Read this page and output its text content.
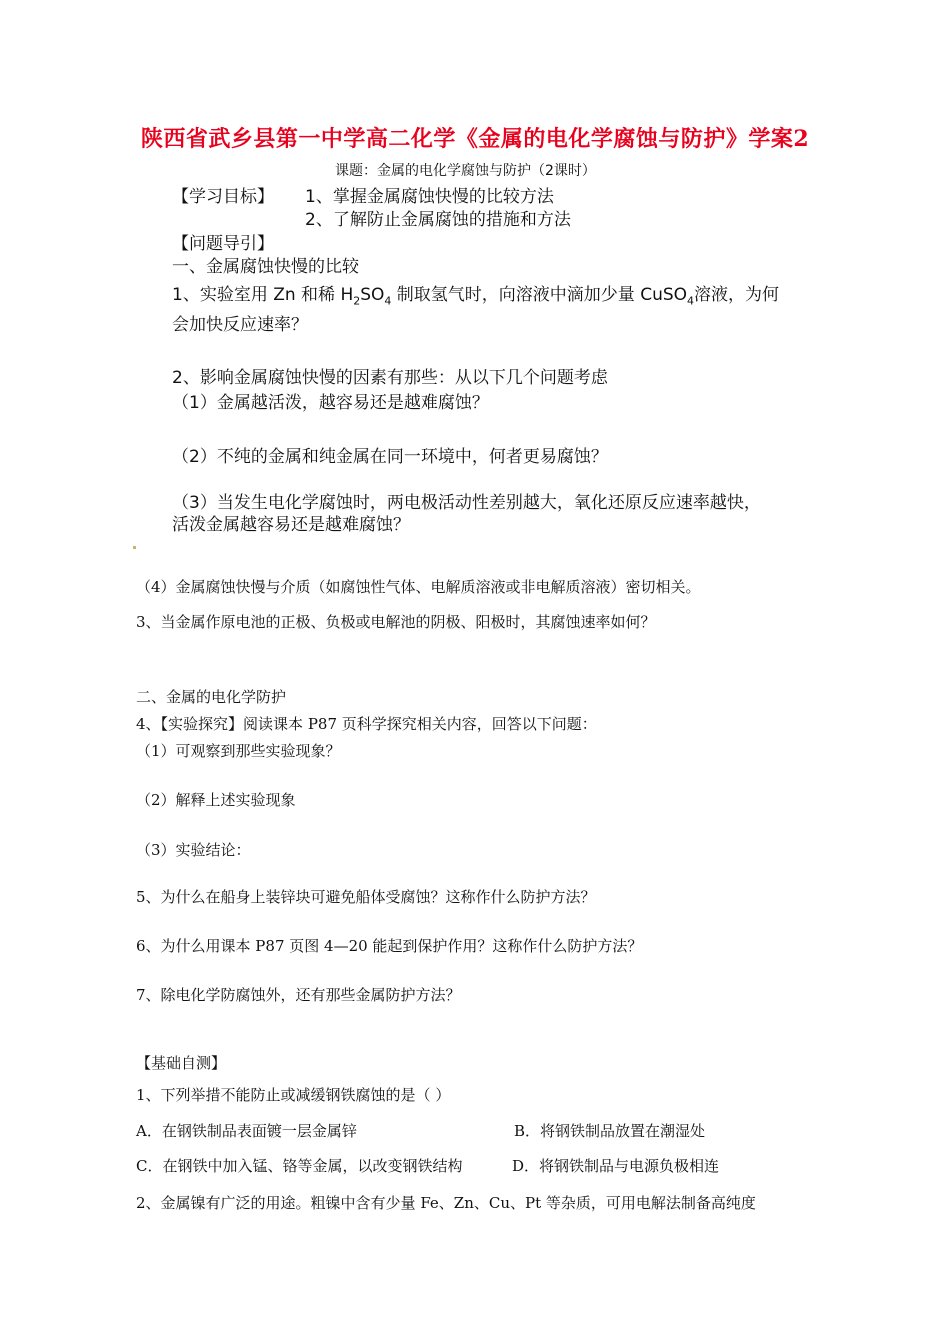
陕西省武乡县第一中学高二化学《金属的电化学腐蚀与防护》学案2
课题：金属的电化学腐蚀与防护（2课时）
【学习目标】 1、掌握金属腐蚀快慢的比较方法
2、了解防止金属腐蚀的措施和方法
【问题导引】
一、金属腐蚀快慢的比较
1、实验室用 Zn 和稀 $H_2SO_4$ 制取氢气时，向溶液中滴加少量 CuSO$_4$溶液，为何
会加快反应速率？
2、影响金属腐蚀快慢的因素有那些：从以下几个问题考虑
（1）金属越活泼，越容易还是越难腐蚀？
（2）不纯的金属和纯金属在同一环境中，何者更易腐蚀？
（3）当发生电化学腐蚀时，两电极活动性差别越大，氧化还原反应速率越快，
活泼金属越容易还是越难腐蚀？
（4）金属腐蚀快慢与介质（如腐蚀性气体、电解质溶液或非电解质溶液）密切相关。
3、当金属作原电池的正极、负极或电解池的阴极、阳极时，其腐蚀速率如何？
二、金属的电化学防护
4、【实验探究】阅读课本 P87 页科学探究相关内容，回答以下问题：
（1）可观察到那些实验现象？
（2）解释上述实验现象
（3）实验结论：
5、为什么在船身上装锌块可避免船体受腐蚀？这称作什么防护方法？
6、为什么用课本 P87 页图 4—20 能起到保护作用？这称作什么防护方法？
7、除电化学防腐蚀外，还有那些金属防护方法？
【基础自测】
1、下列举措不能防止或减缓钢铁腐蚀的是（ ）
A．在钢铁制品表面镀一层金属锌	B．将钢铁制品放置在潮湿处
C．在钢铁中加入锰、铬等金属，以改变钢铁结构	D．将钢铁制品与电源负极相连
2、金属镍有广泛的用途。粗镍中含有少量 Fe、Zn、Cu、Pt 等杂质，可用电解法制备高纯度
